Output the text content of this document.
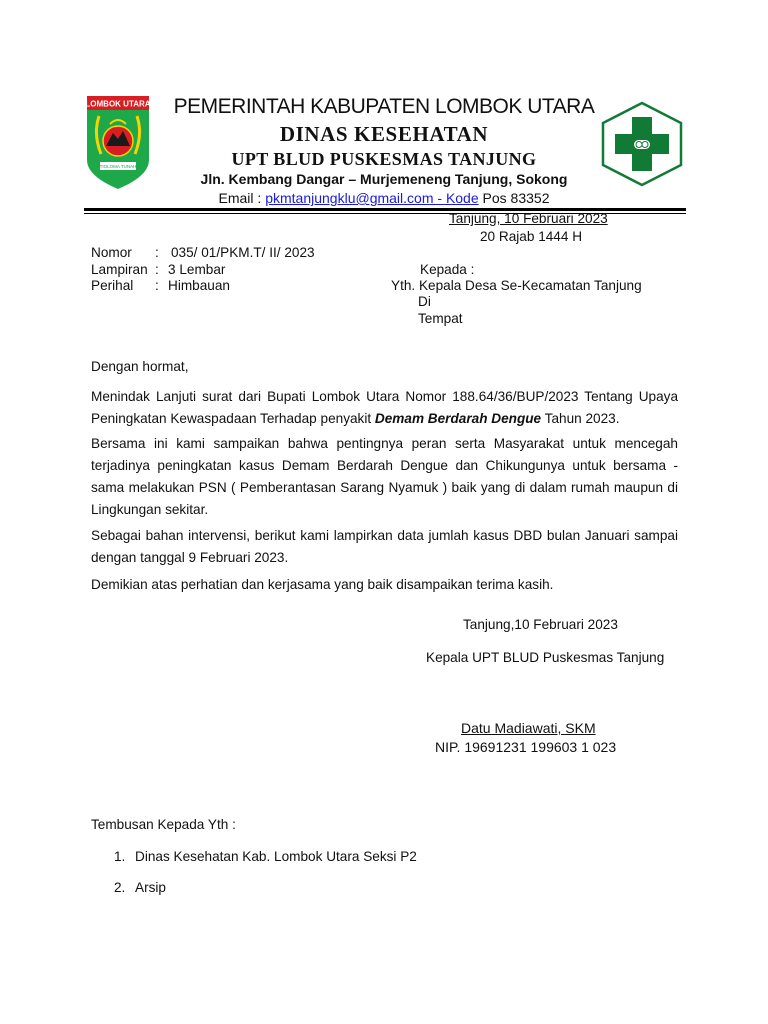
LOMBOK UTARA
TIOLOMA TUNAH
PEMERINTAH KABUPATEN LOMBOK UTARA
DINAS KESEHATAN
UPT BLUD PUSKESMAS TANJUNG
Jln. Kembang Dangar – Murjemeneng Tanjung, Sokong
Email : pkmtanjungklu@gmail.com - Kode Pos 83352
Tanjung, 10 Februari 2023
20 Rajab 1444 H
Nomor : 035/ 01/PKM.T/ II/ 2023
Lampiran : 3 Lembar
Perihal : Himbauan
Kepada :
Yth. Kepala Desa Se-Kecamatan Tanjung
Di
Tempat
Dengan hormat,
Menindak Lanjuti surat dari Bupati Lombok Utara Nomor 188.64/36/BUP/2023 Tentang Upaya Peningkatan Kewaspadaan Terhadap penyakit Demam Berdarah Dengue Tahun 2023.
Bersama ini kami sampaikan bahwa pentingnya peran serta Masyarakat untuk mencegah terjadinya peningkatan kasus Demam Berdarah Dengue dan Chikungunya untuk bersama - sama melakukan PSN ( Pemberantasan Sarang Nyamuk ) baik yang di dalam rumah maupun di Lingkungan sekitar.
Sebagai bahan intervensi, berikut kami lampirkan data jumlah kasus DBD bulan Januari sampai dengan tanggal 9 Februari 2023.
Demikian atas perhatian dan kerjasama yang baik disampaikan terima kasih.
Tanjung,10 Februari 2023
Kepala UPT BLUD Puskesmas Tanjung
Datu Madiawati, SKM
NIP. 19691231 199603 1 023
Tembusan Kepada Yth :
1. Dinas Kesehatan Kab. Lombok Utara Seksi P2
2. Arsip
